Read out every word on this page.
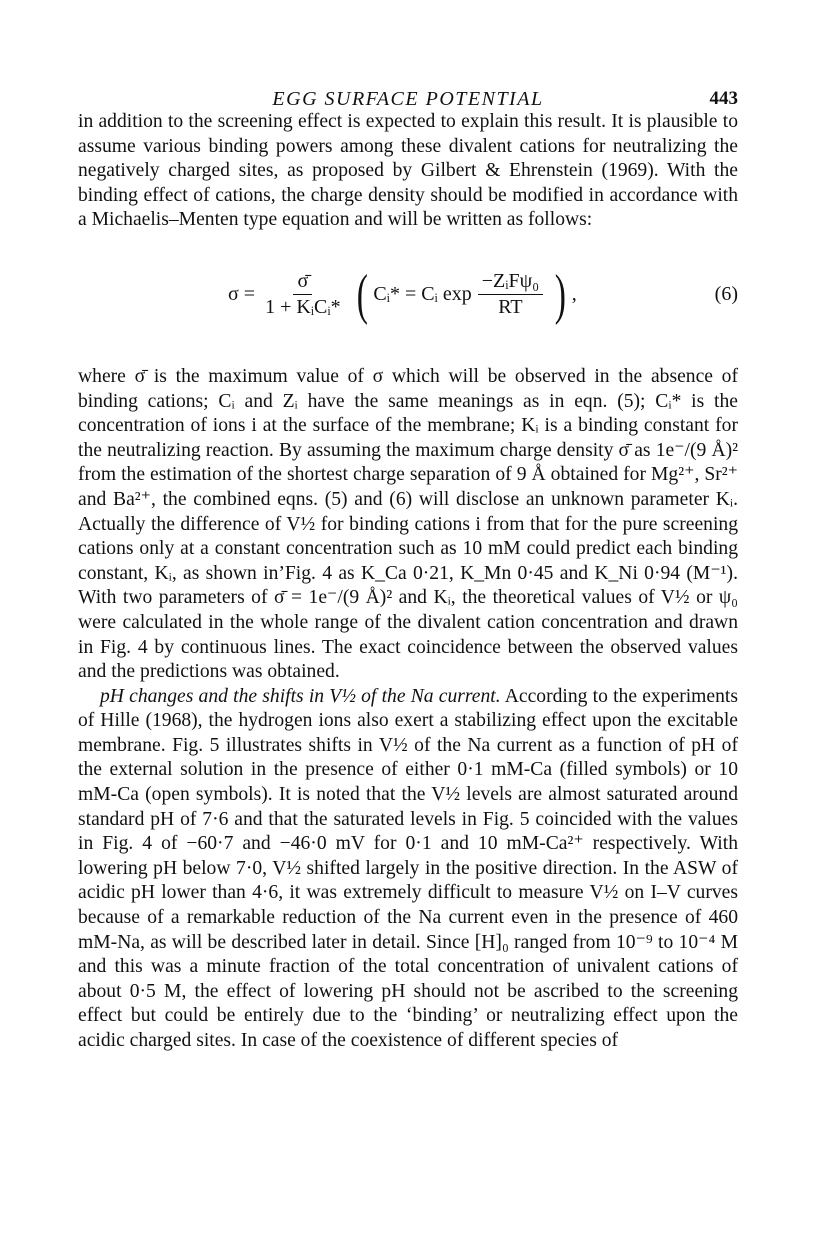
EGG SURFACE POTENTIAL	443

in addition to the screening effect is expected to explain this result. It is plausible to assume various binding powers among these divalent cations for neutralizing the negatively charged sites, as proposed by Gilbert & Ehrenstein (1969). With the binding effect of cations, the charge density should be modified in accordance with a Michaelis–Menten type equation and will be written as follows:

$\sigma = \frac{\sigmā}{\text{1 + KᵢCᵢ*}}$ ( Cᵢ* = Cᵢ $\exp \frac{\text{−ZᵢFψ₀}}{RT}$ ) ,	(6)

where σ̄ is the maximum value of σ which will be observed in the absence of binding cations; Cᵢ and Zᵢ have the same meanings as in eqn. (5); Cᵢ* is the concentration of ions i at the surface of the membrane; Kᵢ is a binding constant for the neutralizing reaction. By assuming the maximum charge density σ̄ as 1e⁻/(9 Å)² from the estimation of the shortest charge separation of 9 Å obtained for Mg²⁺, Sr²⁺ and Ba²⁺, the combined eqns. (5) and (6) will disclose an unknown parameter Kᵢ. Actually the difference of V½ for binding cations i from that for the pure screening cations only at a constant concentration such as 10 mM could predict each binding constant, Kᵢ, as shown in’Fig. 4 as K_Ca 0·21, K_Mn 0·45 and K_Ni 0·94 (M⁻¹). With two parameters of σ̄ = 1e⁻/(9 Å)² and Kᵢ, the theoretical values of V½ or ψ₀ were calculated in the whole range of the divalent cation concentration and drawn in Fig. 4 by continuous lines. The exact coincidence between the observed values and the predictions was obtained.

pH changes and the shifts in V½ of the Na current. According to the experiments of Hille (1968), the hydrogen ions also exert a stabilizing effect upon the excitable membrane. Fig. 5 illustrates shifts in V½ of the Na current as a function of pH of the external solution in the presence of either 0·1 mM-Ca (filled symbols) or 10 mM-Ca (open symbols). It is noted that the V½ levels are almost saturated around standard pH of 7·6 and that the saturated levels in Fig. 5 coincided with the values in Fig. 4 of −60·7 and −46·0 mV for 0·1 and 10 mM-Ca²⁺ respectively. With lowering pH below 7·0, V½ shifted largely in the positive direction. In the ASW of acidic pH lower than 4·6, it was extremely difficult to measure V½ on I–V curves because of a remarkable reduction of the Na current even in the presence of 460 mM-Na, as will be described later in detail. Since [H]₀ ranged from 10⁻⁹ to 10⁻⁴ M and this was a minute fraction of the total concentration of univalent cations of about 0·5 M, the effect of lowering pH should not be ascribed to the screening effect but could be entirely due to the ‘binding’ or neutralizing effect upon the acidic charged sites. In case of the coexistence of different species of
